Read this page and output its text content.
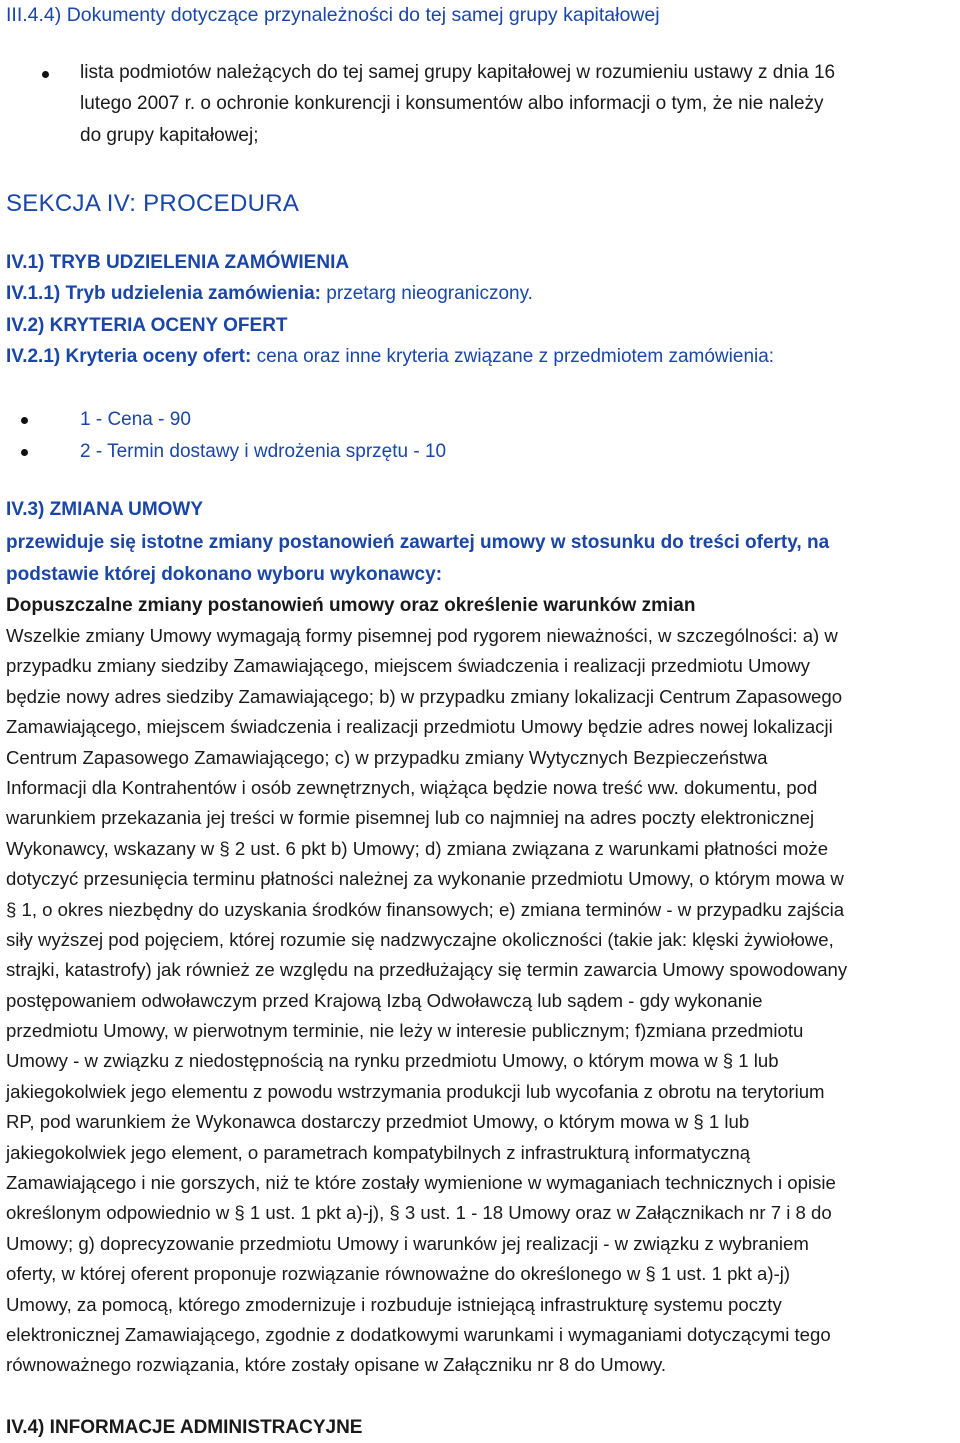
III.4.4) Dokumenty dotyczące przynależności do tej samej grupy kapitałowej
lista podmiotów należących do tej samej grupy kapitałowej w rozumieniu ustawy z dnia 16
lutego 2007 r. o ochronie konkurencji i konsumentów albo informacji o tym, że nie należy
do grupy kapitałowej;
SEKCJA IV: PROCEDURA
IV.1) TRYB UDZIELENIA ZAMÓWIENIA
IV.1.1) Tryb udzielenia zamówienia: przetarg nieograniczony.
IV.2) KRYTERIA OCENY OFERT
IV.2.1) Kryteria oceny ofert: cena oraz inne kryteria związane z przedmiotem zamówienia:
1 - Cena - 90
2 - Termin dostawy i wdrożenia sprzętu - 10
IV.3) ZMIANA UMOWY
przewiduje się istotne zmiany postanowień zawartej umowy w stosunku do treści oferty, na
podstawie której dokonano wyboru wykonawcy:
Dopuszczalne zmiany postanowień umowy oraz określenie warunków zmian
Wszelkie zmiany Umowy wymagają formy pisemnej pod rygorem nieważności, w szczególności: a) w
przypadku zmiany siedziby Zamawiającego, miejscem świadczenia i realizacji przedmiotu Umowy
będzie nowy adres siedziby Zamawiającego; b) w przypadku zmiany lokalizacji Centrum Zapasowego
Zamawiającego, miejscem świadczenia i realizacji przedmiotu Umowy będzie adres nowej lokalizacji
Centrum Zapasowego Zamawiającego; c) w przypadku zmiany Wytycznych Bezpieczeństwa
Informacji dla Kontrahentów i osób zewnętrznych, wiążąca będzie nowa treść ww. dokumentu, pod
warunkiem przekazania jej treści w formie pisemnej lub co najmniej na adres poczty elektronicznej
Wykonawcy, wskazany w § 2 ust. 6 pkt b) Umowy; d) zmiana związana z warunkami płatności może
dotyczyć przesunięcia terminu płatności należnej za wykonanie przedmiotu Umowy, o którym mowa w
§ 1, o okres niezbędny do uzyskania środków finansowych; e) zmiana terminów - w przypadku zajścia
siły wyższej pod pojęciem, której rozumie się nadzwyczajne okoliczności (takie jak: klęski żywiołowe,
strajki, katastrofy) jak również ze względu na przedłużający się termin zawarcia Umowy spowodowany
postępowaniem odwoławczym przed Krajową Izbą Odwoławczą lub sądem - gdy wykonanie
przedmiotu Umowy, w pierwotnym terminie, nie leży w interesie publicznym; f)zmiana przedmiotu
Umowy - w związku z niedostępnością na rynku przedmiotu Umowy, o którym mowa w § 1 lub
jakiegokolwiek jego elementu z powodu wstrzymania produkcji lub wycofania z obrotu na terytorium
RP, pod warunkiem że Wykonawca dostarczy przedmiot Umowy, o którym mowa w § 1 lub
jakiegokolwiek jego element, o parametrach kompatybilnych z infrastrukturą informatyczną
Zamawiającego i nie gorszych, niż te które zostały wymienione w wymaganiach technicznych i opisie
określonym odpowiednio w § 1 ust. 1 pkt a)-j), § 3 ust. 1 - 18 Umowy oraz w Załącznikach nr 7 i 8 do
Umowy; g) doprecyzowanie przedmiotu Umowy i warunków jej realizacji - w związku z wybraniem
oferty, w której oferent proponuje rozwiązanie równoważne do określonego w § 1 ust. 1 pkt a)-j)
Umowy, za pomocą, którego zmodernizuje i rozbuduje istniejącą infrastrukturę systemu poczty
elektronicznej Zamawiającego, zgodnie z dodatkowymi warunkami i wymaganiami dotyczącymi tego
równoważnego rozwiązania, które zostały opisane w Załączniku nr 8 do Umowy.
IV.4) INFORMACJE ADMINISTRACYJNE
